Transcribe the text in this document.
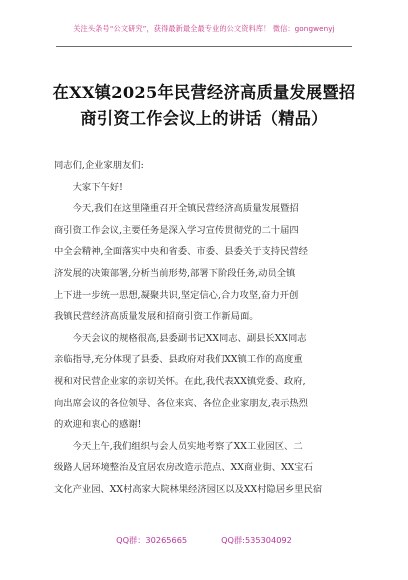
关注头条号“公文研究”，获得最新最全最专业的公文资料库！ 微信：gongwenyj
在XX镇2025年民营经济高质量发展暨招
商引资工作会议上的讲话（精品）
同志们,企业家朋友们:
大家下午好!
今天,我们在这里隆重召开全镇民营经济高质量发展暨招
商引资工作会议,主要任务是深入学习宣传贯彻党的二十届四
中全会精神,全面落实中央和省委、市委、县委关于支持民营经
济发展的决策部署,分析当前形势,部署下阶段任务,动员全镇
上下进一步统一思想,凝聚共识,坚定信心,合力攻坚,奋力开创
我镇民营经济高质量发展和招商引资工作新局面。
今天会议的规格很高,县委副书记XX同志、副县长XX同志
亲临指导,充分体现了县委、县政府对我们XX镇工作的高度重
视和对民营企业家的亲切关怀。在此,我代表XX镇党委、政府,
向出席会议的各位领导、各位来宾、各位企业家朋友,表示热烈
的欢迎和衷心的感谢!
今天上午,我们组织与会人员实地考察了XX工业园区、二
级路人居环境整治及宜居农房改造示范点、XX商业街、XX宝石
文化产业园、XX村高家大院林果经济园区以及XX村隐居乡里民宿
QQ群：30265665	QQ群:535304092
